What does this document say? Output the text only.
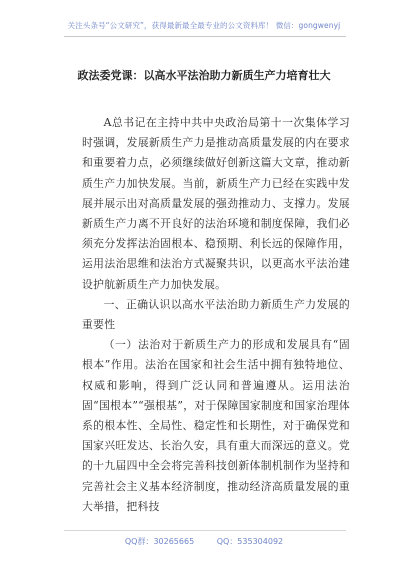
关注头条号“公文研究”，获得最新最全最专业的公文资料库！ 微信：gongwenyj
政法委党课：以高水平法治助力新质生产力培育壮大

A总书记在主持中共中央政治局第十一次集体学习时强调，发展新质生产力是推动高质量发展的内在要求和重要着力点，必须继续做好创新这篇大文章，推动新质生产力加快发展。当前，新质生产力已经在实践中发展并展示出对高质量发展的强劲推动力、支撑力。发展新质生产力离不开良好的法治环境和制度保障，我们必须充分发挥法治固根本、稳预期、利长远的保障作用，运用法治思维和法治方式凝聚共识，以更高水平法治建设护航新质生产力加快发展。

一、正确认识以高水平法治助力新质生产力发展的重要性

（一）法治对于新质生产力的形成和发展具有“固根本”作用。法治在国家和社会生活中拥有独特地位、权威和影响，得到广泛认同和普遍遵从。运用法治固“国根本”“强根基”，对于保障国家制度和国家治理体系的根本性、全局性、稳定性和长期性，对于确保党和国家兴旺发达、长治久安，具有重大而深远的意义。党的十九届四中全会将完善科技创新体制机制作为坚持和完善社会主义基本经济制度，推动经济高质量发展的重大举措，把科技

QQ群：30265665	QQ：535304092
